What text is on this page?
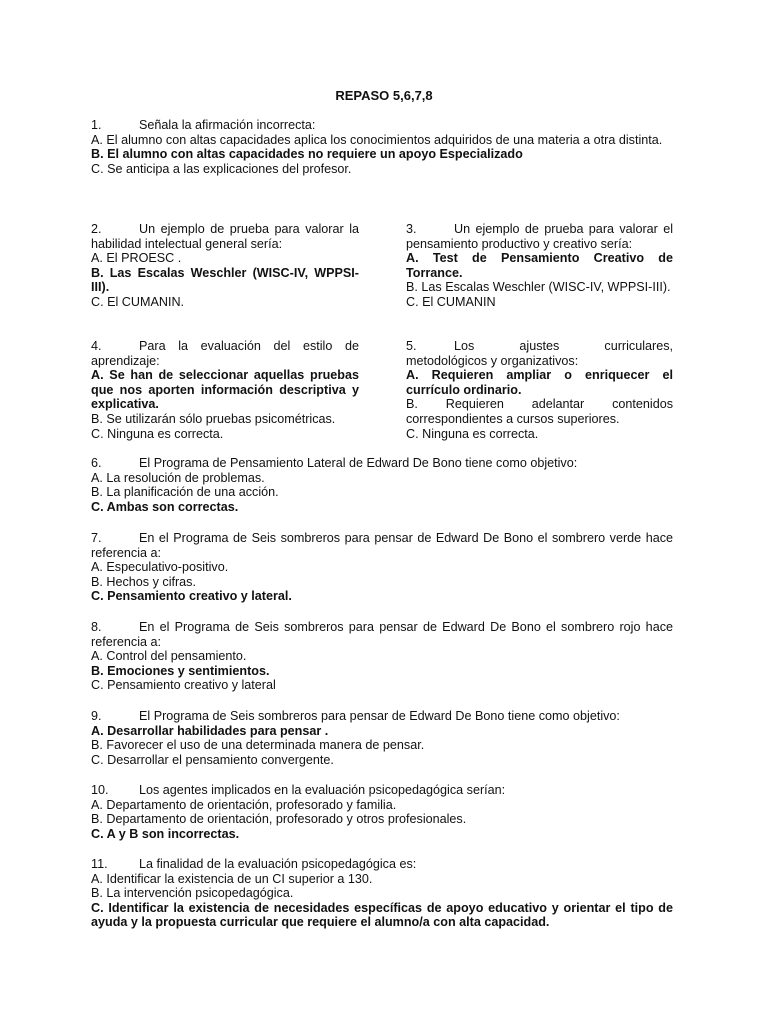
REPASO 5,6,7,8
1.	Señala la afirmación incorrecta:
A. El alumno con altas capacidades aplica los conocimientos adquiridos de una materia a otra distinta.
B. El alumno con altas capacidades no requiere un apoyo Especializado
C. Se anticipa a las explicaciones del profesor.
2.	Un ejemplo de prueba para valorar la habilidad intelectual general sería:
A. El PROESC .
B. Las Escalas Weschler (WISC-IV, WPPSI-III).
C. El CUMANIN.
3.	Un ejemplo de prueba para valorar el pensamiento productivo y creativo sería:
A. Test de Pensamiento Creativo de Torrance.
B. Las Escalas Weschler (WISC-IV, WPPSI-III).
C. El CUMANIN
4.	Para la evaluación del estilo de aprendizaje:
A. Se han de seleccionar aquellas pruebas que nos aporten información descriptiva y explicativa.
B. Se utilizarán sólo pruebas psicométricas.
C. Ninguna es correcta.
5.	Los ajustes curriculares, metodológicos y organizativos:
A. Requieren ampliar o enriquecer el currículo ordinario.
B. Requieren adelantar contenidos correspondientes a cursos superiores.
C. Ninguna es correcta.
6.	El Programa de Pensamiento Lateral de Edward De Bono tiene como objetivo:
A. La resolución de problemas.
B. La planificación de una acción.
C. Ambas son correctas.
7.	En el Programa de Seis sombreros para pensar de Edward De Bono el sombrero verde hace referencia a:
A. Especulativo-positivo.
B. Hechos y cifras.
C. Pensamiento creativo y lateral.
8.	En el Programa de Seis sombreros para pensar de Edward De Bono el sombrero rojo hace referencia a:
A. Control del pensamiento.
B. Emociones y sentimientos.
C. Pensamiento creativo y lateral
9.	El Programa de Seis sombreros para pensar de Edward De Bono tiene como objetivo:
A. Desarrollar habilidades para pensar .
B. Favorecer el uso de una determinada manera de pensar.
C. Desarrollar el pensamiento convergente.
10. Los agentes implicados en la evaluación psicopedagógica serían:
A. Departamento de orientación, profesorado y familia.
B. Departamento de orientación, profesorado y otros profesionales.
C. A y B son incorrectas.
11. La finalidad de la evaluación psicopedagógica es:
A. Identificar la existencia de un CI superior a 130.
B. La intervención psicopedagógica.
C. Identificar la existencia de necesidades específicas de apoyo educativo y orientar el tipo de ayuda y la propuesta curricular que requiere el alumno/a con alta capacidad.
